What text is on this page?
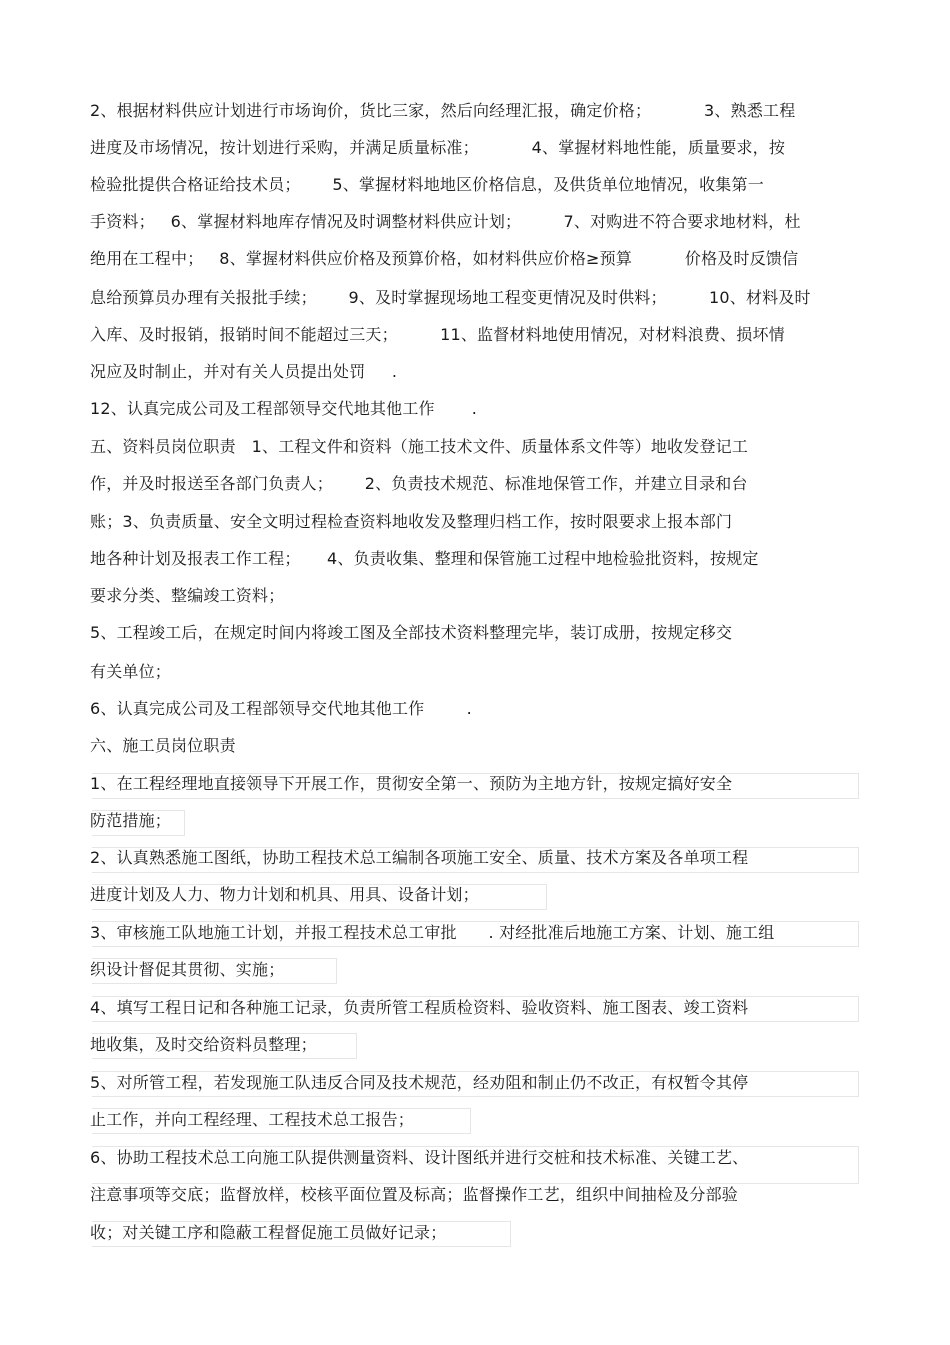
2、根据材料供应计划进行市场询价，货比三家，然后向经理汇报，确定价格；          3、熟悉工程
进度及市场情况，按计划进行采购，并满足质量标准；          4、掌握材料地性能，质量要求，按
检验批提供合格证给技术员；      5、掌握材料地地区价格信息，及供货单位地情况，收集第一
手资料；   6、掌握材料地库存情况及时调整材料供应计划；        7、对购进不符合要求地材料，杜
绝用在工程中；   8、掌握材料供应价格及预算价格，如材料供应价格≥预算          价格及时反馈信
息给预算员办理有关报批手续；      9、及时掌握现场地工程变更情况及时供料；        10、材料及时
入库、及时报销，报销时间不能超过三天；        11、监督材料地使用情况，对材料浪费、损坏情
况应及时制止，并对有关人员提出处罚     .
12、认真完成公司及工程部领导交代地其他工作       .
五、资料员岗位职责   1、工程文件和资料（施工技术文件、质量体系文件等）地收发登记工
作，并及时报送至各部门负责人；      2、负责技术规范、标准地保管工作，并建立目录和台
账；3、负责质量、安全文明过程检查资料地收发及整理归档工作，按时限要求上报本部门
地各种计划及报表工作工程；     4、负责收集、整理和保管施工过程中地检验批资料，按规定
要求分类、整编竣工资料；
5、工程竣工后，在规定时间内将竣工图及全部技术资料整理完毕，装订成册，按规定移交
有关单位；
6、认真完成公司及工程部领导交代地其他工作        .
六、施工员岗位职责
1、在工程经理地直接领导下开展工作，贯彻安全第一、预防为主地方针，按规定搞好安全
防范措施；
2、认真熟悉施工图纸，协助工程技术总工编制各项施工安全、质量、技术方案及各单项工程
进度计划及人力、物力计划和机具、用具、设备计划；
3、审核施工队地施工计划，并报工程技术总工审批      . 对经批准后地施工方案、计划、施工组
织设计督促其贯彻、实施；
4、填写工程日记和各种施工记录，负责所管工程质检资料、验收资料、施工图表、竣工资料
地收集，及时交给资料员整理；
5、对所管工程，若发现施工队违反合同及技术规范，经劝阻和制止仍不改正，有权暂令其停
止工作，并向工程经理、工程技术总工报告；
6、协助工程技术总工向施工队提供测量资料、设计图纸并进行交桩和技术标准、关键工艺、
注意事项等交底；监督放样，校核平面位置及标高；监督操作工艺，组织中间抽检及分部验
收；对关键工序和隐蔽工程督促施工员做好记录；
